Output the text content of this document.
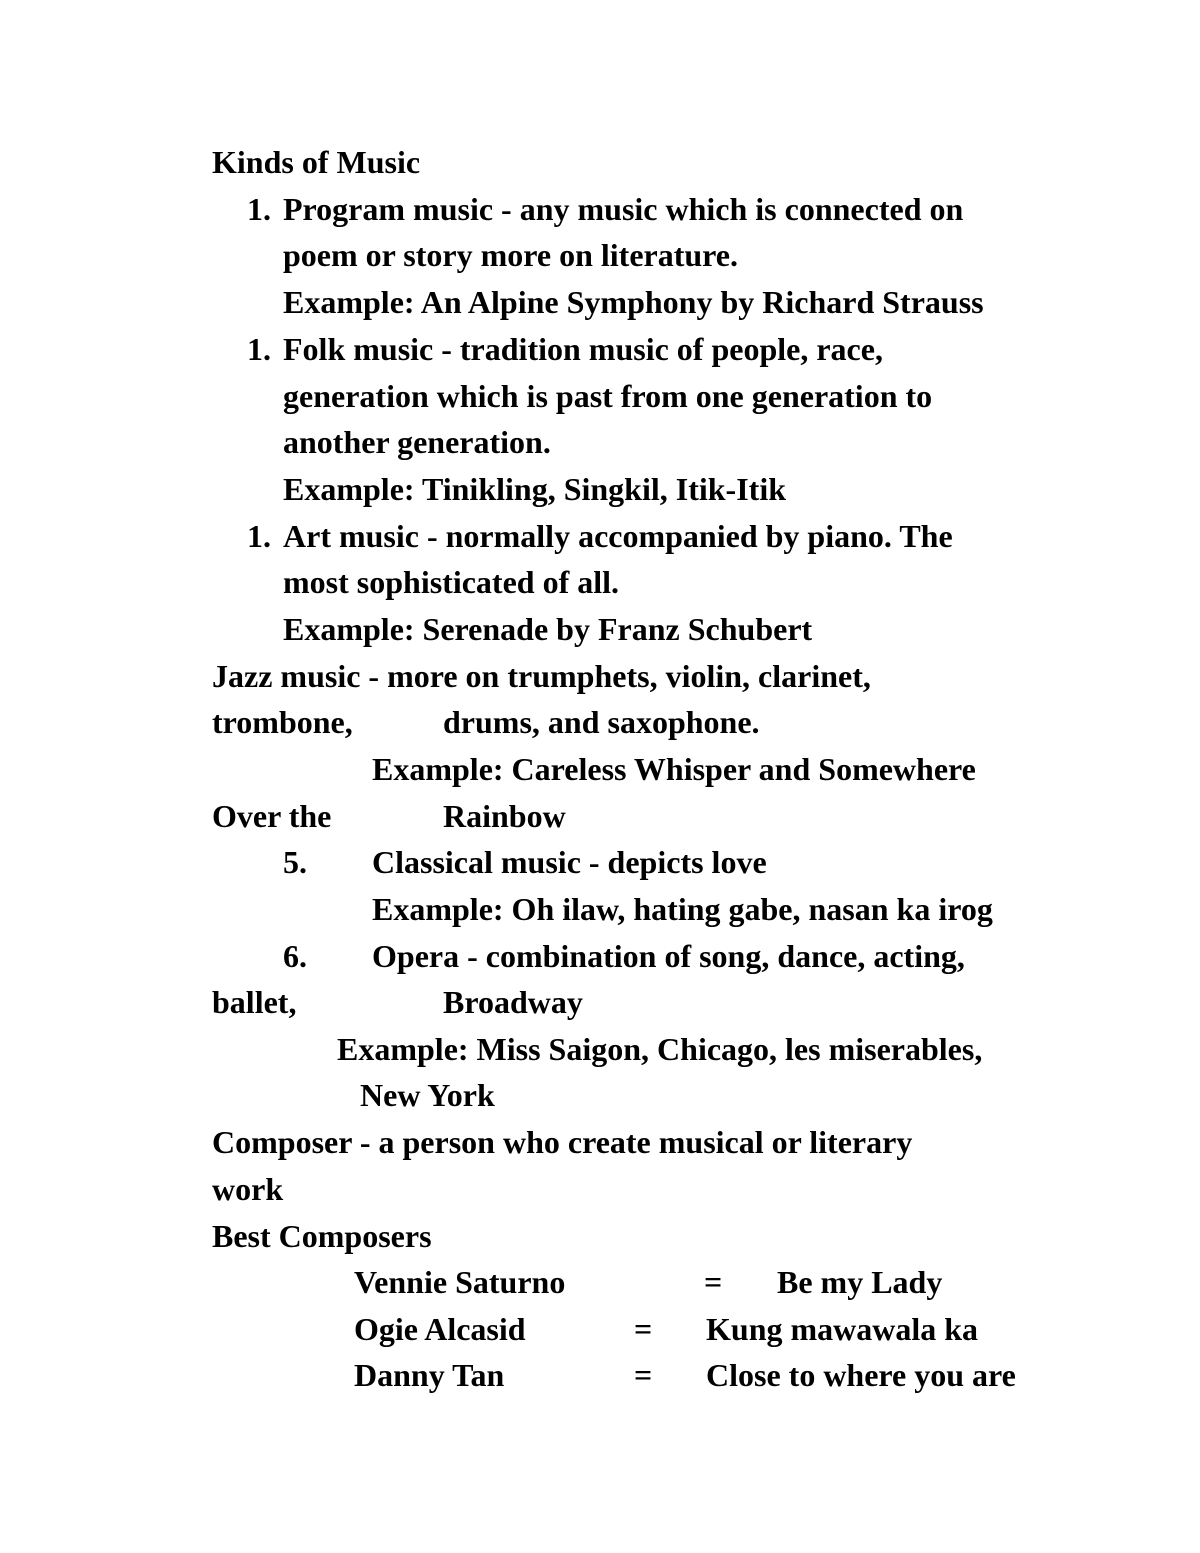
Kinds of Music
1. Program music - any music which is connected on
poem or story more on literature.
Example: An Alpine Symphony by Richard Strauss
1. Folk music - tradition music of people, race,
generation which is past from one generation to
another generation.
Example: Tinikling, Singkil, Itik-Itik
1. Art music - normally accompanied by piano. The
most sophisticated of all.
Example: Serenade by Franz Schubert
Jazz music - more on trumphets, violin, clarinet,
trombone,	drums, and saxophone.
Example: Careless Whisper and Somewhere
Over the	Rainbow
5. Classical music - depicts love
Example: Oh ilaw, hating gabe, nasan ka irog
6. Opera - combination of song, dance, acting,
ballet,	Broadway
Example: Miss Saigon, Chicago, les miserables,
New York
Composer - a person who create musical or literary
work
Best Composers
Vennie Saturno	= Be my Lady
Ogie Alcasid	= Kung mawawala ka
Danny Tan	= Close to where you are
